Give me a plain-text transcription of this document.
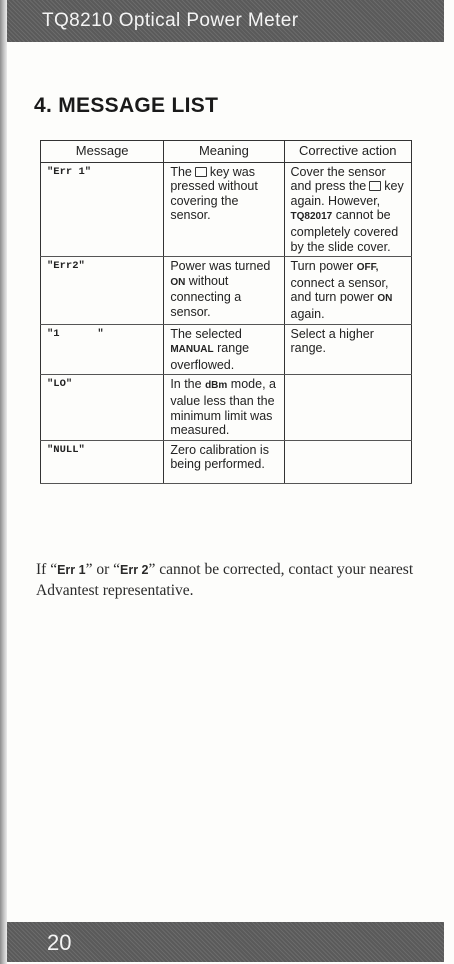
TQ8210 Optical Power Meter
4. MESSAGE LIST
Message	Meaning	Corrective action
"Err 1"	The key was pressed without covering the sensor.	Cover the sensor and press the key again. However, TQ82017 cannot be completely covered by the slide cover.
"Err2"	Power was turned ON without connecting a sensor.	Turn power OFF, connect a sensor, and turn power ON again.
"1      "	The selected MANUAL range overflowed.	Select a higher range.
"LO"	In the dBm mode, a value less than the minimum limit was measured.	
"NULL"	Zero calibration is being performed.	

If “Err 1” or “Err 2” cannot be corrected, contact your nearest Advantest representative.

20
